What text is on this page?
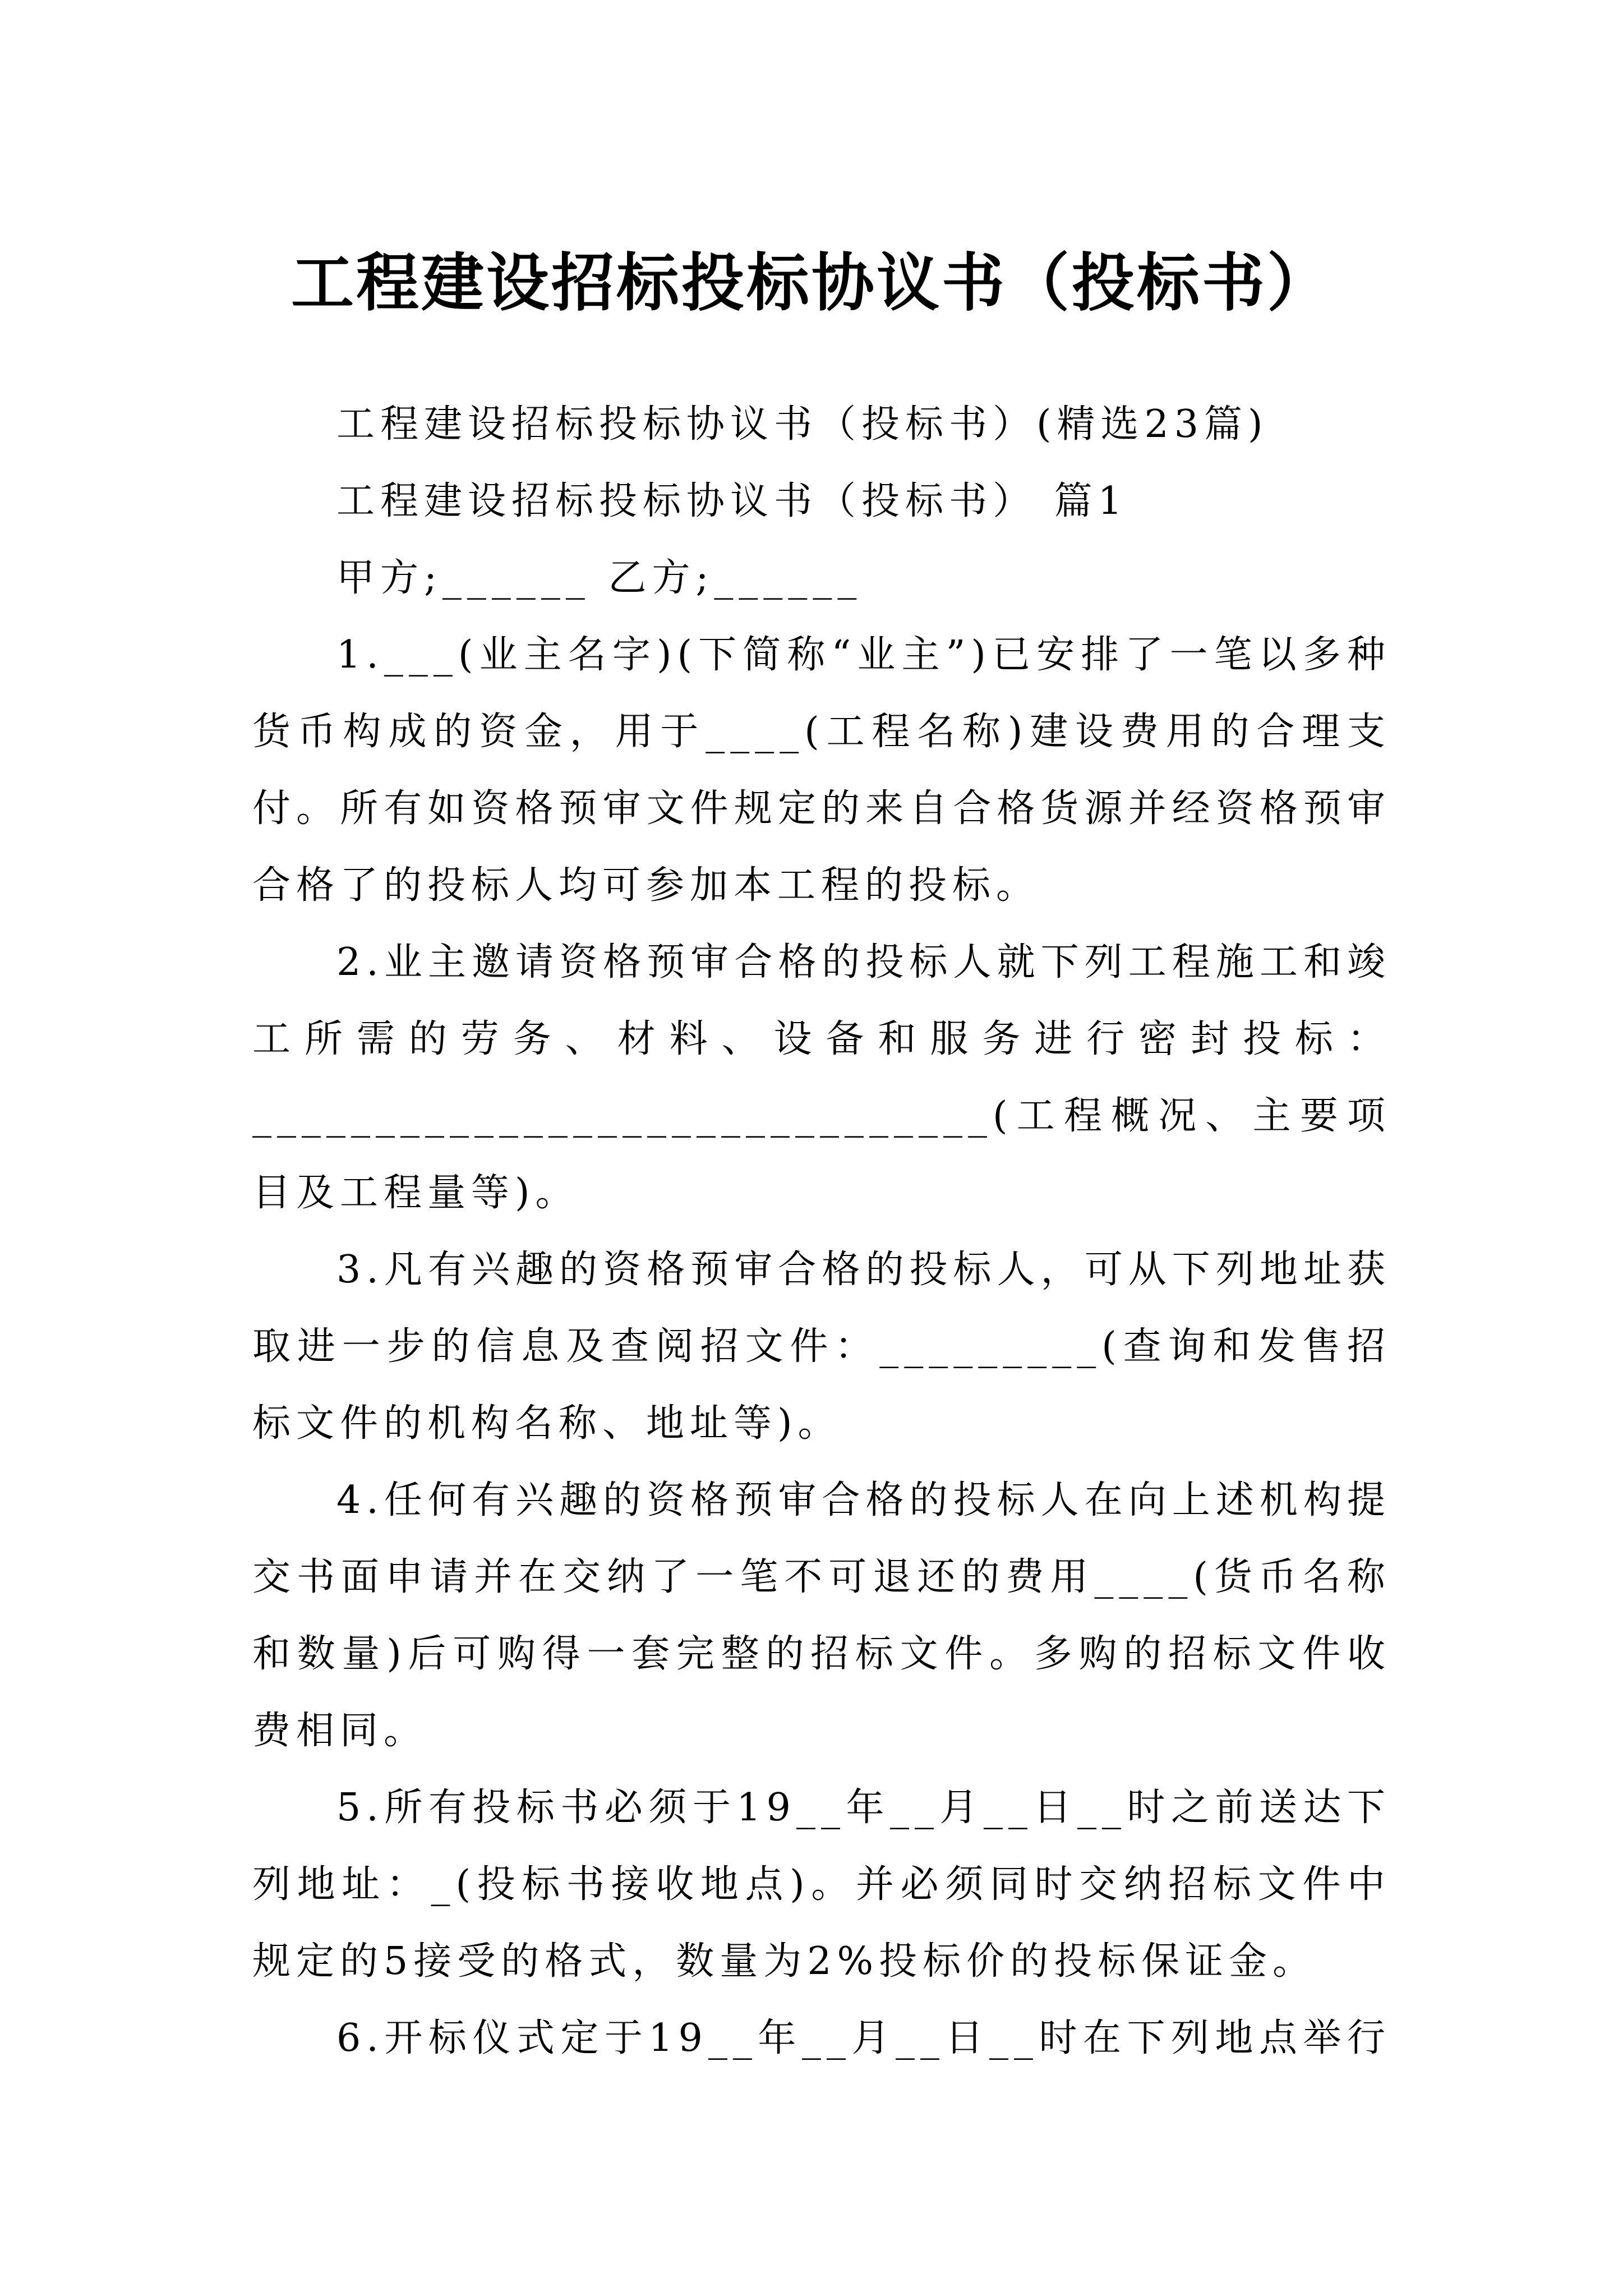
工程建设招标投标协议书（投标书）

工程建设招标投标协议书（投标书）(精选23篇)

工程建设招标投标协议书（投标书） 篇1

甲方;______ 乙方;______

1.___(业主名字)(下简称“业主”)已安排了一笔以多种货币构成的资金，用于____(工程名称)建设费用的合理支付。所有如资格预审文件规定的来自合格货源并经资格预审合格了的投标人均可参加本工程的投标。

2.业主邀请资格预审合格的投标人就下列工程施工和竣工所需的劳务、材料、设备和服务进行密封投标：______________________________(工程概况、主要项目及工程量等)。

3.凡有兴趣的资格预审合格的投标人，可从下列地址获取进一步的信息及查阅招文件：_________(查询和发售招标文件的机构名称、地址等)。

4.任何有兴趣的资格预审合格的投标人在向上述机构提交书面申请并在交纳了一笔不可退还的费用____(货币名称和数量)后可购得一套完整的招标文件。多购的招标文件收费相同。

5.所有投标书必须于19__年__月__日__时之前送达下列地址：_(投标书接收地点)。并必须同时交纳招标文件中规定的5接受的格式，数量为2%投标价的投标保证金。

6.开标仪式定于19__年__月__日__时在下列地点举行
